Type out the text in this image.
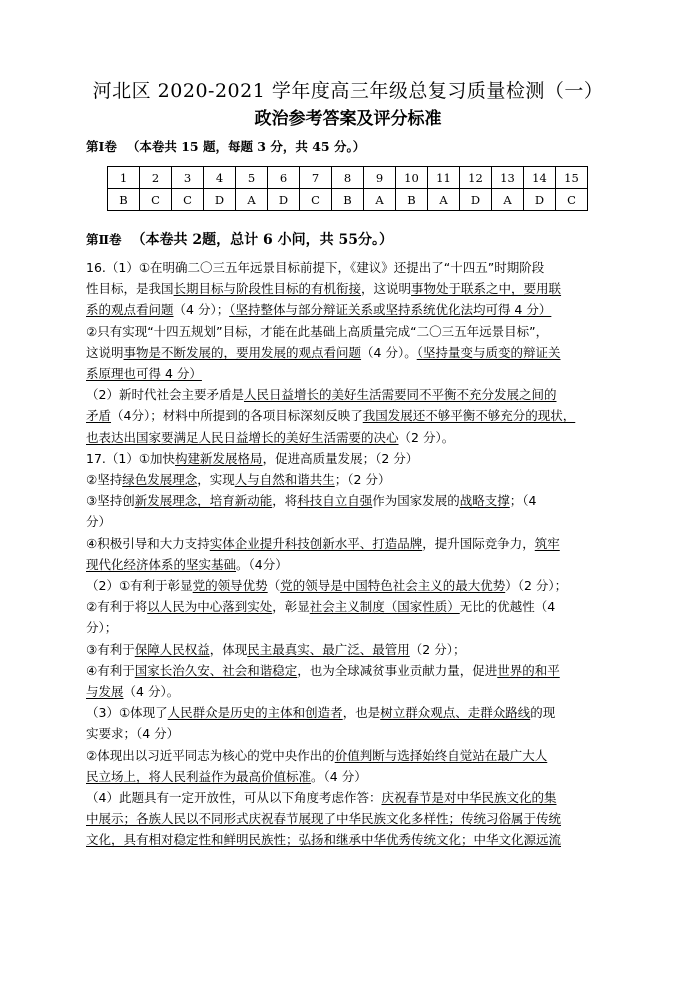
河北区 2020-2021 学年度高三年级总复习质量检测（一）
政治参考答案及评分标准
第Ⅰ卷 （本卷共 15 题，每题 3 分，共 45 分。）
1	2	3	4	5	6	7	8	9	10	11	12	13	14	15
B	C	C	D	A	D	C	B	A	B	A	D	A	D	C
第Ⅱ卷 （本卷共 2题，总计 6 小问，共 55分。）
16.（1）①在明确二〇三五年远景目标前提下，《建议》还提出了“十四五”时期阶段
性目标，是我国长期目标与阶段性目标的有机衔接，这说明事物处于联系之中，要用联
系的观点看问题（4 分）；（坚持整体与部分辩证关系或坚持系统优化法均可得 4 分）
②只有实现“十四五规划”目标，才能在此基础上高质量完成“二〇三五年远景目标”，
这说明事物是不断发展的，要用发展的观点看问题（4 分）。（坚持量变与质变的辩证关
系原理也可得 4 分）
（2）新时代社会主要矛盾是人民日益增长的美好生活需要同不平衡不充分发展之间的
矛盾（4分）；材料中所提到的各项目标深刻反映了我国发展还不够平衡不够充分的现状，
也表达出国家要满足人民日益增长的美好生活需要的决心（2 分）。
17.（1）①加快构建新发展格局，促进高质量发展；（2 分）
②坚持绿色发展理念，实现人与自然和谐共生；（2 分）
③坚持创新发展理念，培育新动能，将科技自立自强作为国家发展的战略支撑；（4
分）
④积极引导和大力支持实体企业提升科技创新水平、打造品牌，提升国际竞争力，筑牢
现代化经济体系的坚实基础。（4分）
（2）①有利于彰显党的领导优势（党的领导是中国特色社会主义的最大优势）（2 分）；
②有利于将以人民为中心落到实处，彰显社会主义制度（国家性质）无比的优越性（4
分）；
③有利于保障人民权益，体现民主最真实、最广泛、最管用（2 分）；
④有利于国家长治久安、社会和谐稳定，也为全球减贫事业贡献力量，促进世界的和平
与发展（4 分）。
（3）①体现了人民群众是历史的主体和创造者，也是树立群众观点、走群众路线的现
实要求；（4 分）
②体现出以习近平同志为核心的党中央作出的价值判断与选择始终自觉站在最广大人
民立场上，将人民利益作为最高价值标准。（4 分）
（4）此题具有一定开放性，可从以下角度考虑作答：庆祝春节是对中华民族文化的集
中展示；各族人民以不同形式庆祝春节展现了中华民族文化多样性；传统习俗属于传统
文化，具有相对稳定性和鲜明民族性；弘扬和继承中华优秀传统文化；中华文化源远流
